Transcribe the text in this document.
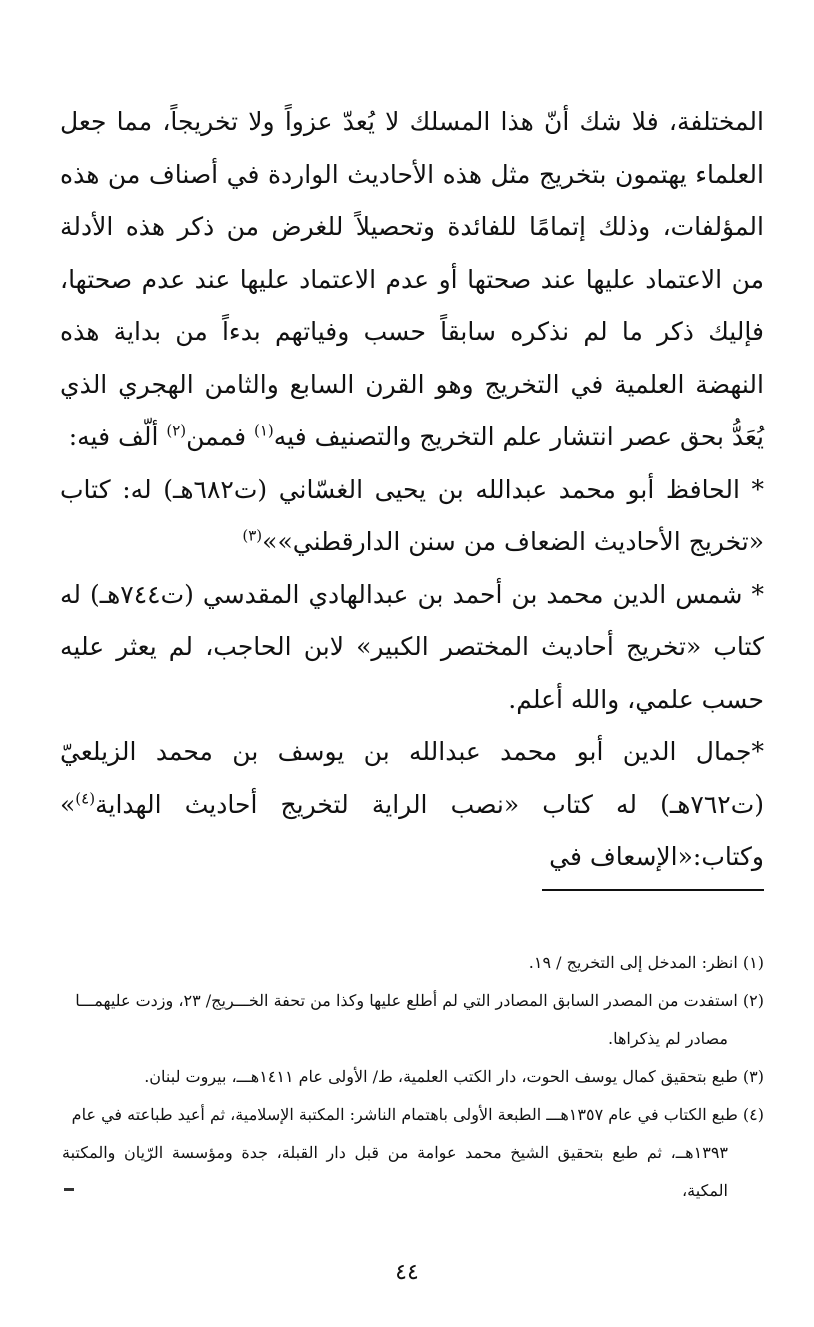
المختلفة، فلا شك أنّ هذا المسلك لا يُعدّ عزواً ولا تخريجاً، مما جعل العلماء يهتمون بتخريج مثل هذه الأحاديث الواردة في أصناف من هذه المؤلفات، وذلك إتمامًا للفائدة وتحصيلاً للغرض من ذكر هذه الأدلة من الاعتماد عليها عند صحتها أو عدم الاعتماد عليها عند عدم صحتها، فإليك ذكر ما لم نذكره سابقاً حسب وفياتهم بدءاً من بداية هذه النهضة العلمية في التخريج وهو القرن السابع والثامن الهجري الذي يُعَدُّ بحق عصر انتشار علم التخريج والتصنيف فيه$^{(١)}$ فممن$^{(٢)}$ ألّف فيه:

* الحافظ أبو محمد عبدالله بن يحيى الغسّاني (ت٦٨٢هـ) له: كتاب «تخريج الأحاديث الضعاف من سنن الدارقطني»»$^{(٣)}$

* شمس الدين محمد بن أحمد بن عبدالهادي المقدسي (ت٧٤٤هـ) له كتاب «تخريج أحاديث المختصر الكبير» لابن الحاجب، لم يعثر عليه حسب علمي، والله أعلم.

*جمال الدين أبو محمد عبدالله بن يوسف بن محمد الزيلعيّ (ت٧٦٢هـ) له كتاب «نصب الراية لتخريج أحاديث الهداية$^{(٤)}$» وكتاب:«الإسعاف في

(١) انظر: المدخل إلى التخريج / ١٩.

(٢) استفدت من المصدر السابق المصادر التي لم أطلع عليها وكذا من تحفة الخـــريج/ ٢٣، وزدت عليهمـــا

مصادر لم يذكراها.

(٣) طبع بتحقيق كمال يوسف الحوت، دار الكتب العلمية، ط/ الأولى عام ١٤١١هـــ، بيروت لبنان.

(٤) طبع الكتاب في عام ١٣٥٧هـــ الطبعة الأولى باهتمام الناشر: المكتبة الإسلامية، ثم أعيد طباعته في عام

١٣٩٣هــ، ثم طبع بتحقيق الشيخ محمد عوامة من قبل دار القبلة، جدة ومؤسسة الرّيان والمكتبة المكية،

٤٤
